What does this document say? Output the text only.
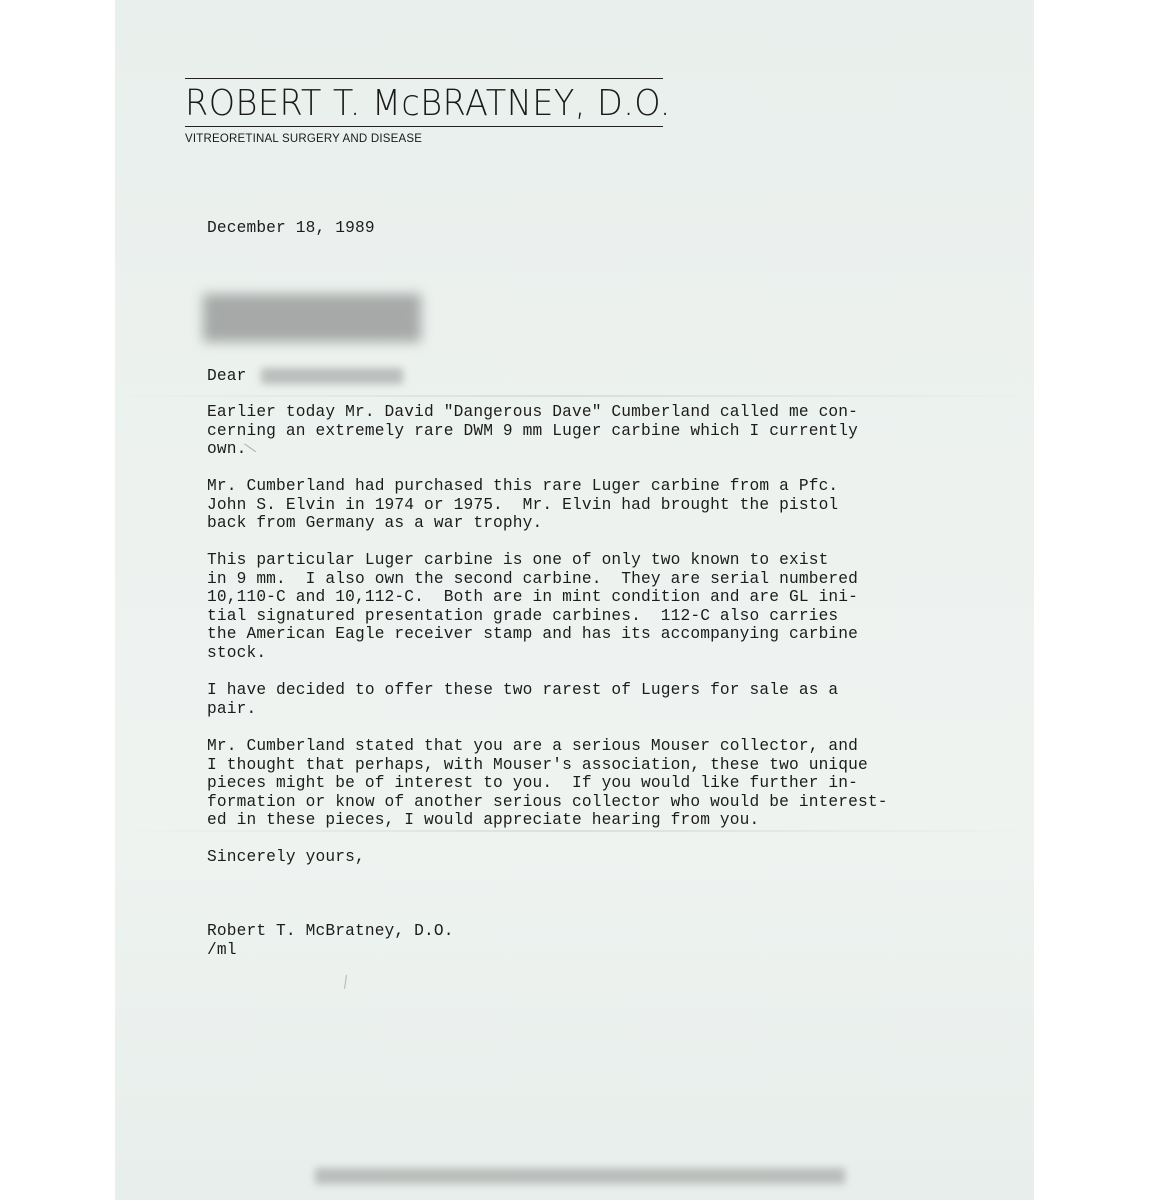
ROBERT T. McBRATNEY, D.O.
VITREORETINAL SURGERY AND DISEASE
December 18, 1989
Dear
Earlier today Mr. David "Dangerous Dave" Cumberland called me con-
cerning an extremely rare DWM 9 mm Luger carbine which I currently
own.
Mr. Cumberland had purchased this rare Luger carbine from a Pfc.
John S. Elvin in 1974 or 1975.  Mr. Elvin had brought the pistol
back from Germany as a war trophy.
This particular Luger carbine is one of only two known to exist
in 9 mm.  I also own the second carbine.  They are serial numbered
10,110-C and 10,112-C.  Both are in mint condition and are GL ini-
tial signatured presentation grade carbines.  112-C also carries
the American Eagle receiver stamp and has its accompanying carbine
stock.
I have decided to offer these two rarest of Lugers for sale as a
pair.
Mr. Cumberland stated that you are a serious Mouser collector, and
I thought that perhaps, with Mouser's association, these two unique
pieces might be of interest to you.  If you would like further in-
formation or know of another serious collector who would be interest-
ed in these pieces, I would appreciate hearing from you.
Sincerely yours,
Robert T. McBratney, D.O.
/ml
